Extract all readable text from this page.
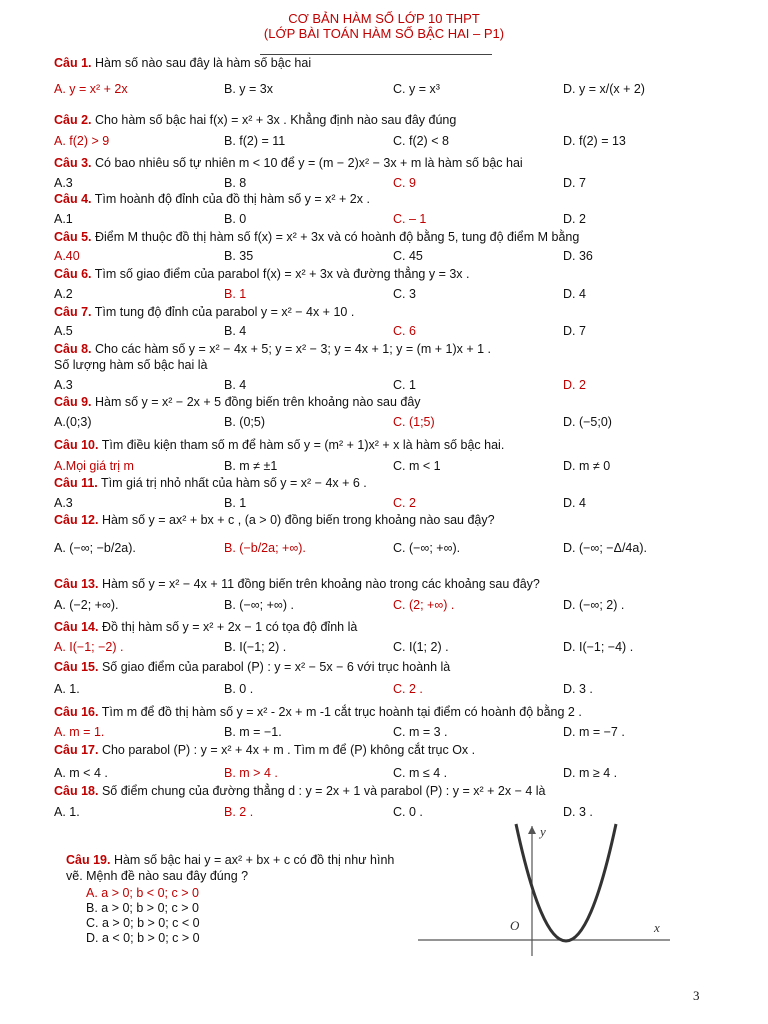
CƠ BẢN HÀM SỐ LỚP 10 THPT
(LỚP BÀI TOÁN HÀM SỐ BẬC HAI – P1)
Câu 1. Hàm số nào sau đây là hàm số bậc hai
A. y = x² + 2x	B. y = 3x	C. y = x³	D. y = x/(x + 2)
Câu 2. Cho hàm số bậc hai f(x) = x² + 3x . Khẳng định nào sau đây đúng
A. f(2) > 9	B. f(2) = 11	C. f(2) < 8	D. f(2) = 13
Câu 3. Có bao nhiêu số tự nhiên m < 10 để y = (m − 2)x² − 3x + m là hàm số bậc hai
A.3	B. 8	C. 9	D. 7
Câu 4. Tìm hoành độ đỉnh của đồ thị hàm số y = x² + 2x .
A.1	B. 0	C. – 1	D. 2
Câu 5. Điểm M thuộc đồ thị hàm số f(x) = x² + 3x và có hoành độ bằng 5, tung độ điểm M bằng
A.40	B. 35	C. 45	D. 36
Câu 6. Tìm số giao điểm của parabol f(x) = x² + 3x và đường thẳng y = 3x .
A.2	B. 1	C. 3	D. 4
Câu 7. Tìm tung độ đỉnh của parabol y = x² − 4x + 10 .
A.5	B. 4	C. 6	D. 7
Câu 8. Cho các hàm số y = x² − 4x + 5; y = x² − 3; y = 4x + 1; y = (m + 1)x + 1 .
Số lượng hàm số bậc hai là
A.3	B. 4	C. 1	D. 2
Câu 9. Hàm số y = x² − 2x + 5 đồng biến trên khoảng nào sau đây
A.(0;3)	B. (0;5)	C. (1;5)	D. (−5;0)
Câu 10. Tìm điều kiện tham số m để hàm số y = (m² + 1)x² + x là hàm số bậc hai.
A.Mọi giá trị m	B. m ≠ ±1	C. m < 1	D. m ≠ 0
Câu 11. Tìm giá trị nhỏ nhất của hàm số y = x² − 4x + 6 .
A.3	B. 1	C. 2	D. 4
Câu 12. Hàm số y = ax² + bx + c , (a > 0) đồng biến trong khoảng nào sau đậy?
A. (−∞; −b/2a).	B. (−b/2a; +∞).	C. (−∞; +∞).	D. (−∞; −Δ/4a).
Câu 13. Hàm số y = x² − 4x + 11 đồng biến trên khoảng nào trong các khoảng sau đây?
A. (−2; +∞).	B. (−∞; +∞) .	C. (2; +∞) .	D. (−∞; 2) .
Câu 14. Đồ thị hàm số y = x² + 2x − 1 có tọa độ đỉnh là
A. I(−1; −2) .	B. I(−1; 2) .	C. I(1; 2) .	D. I(−1; −4) .
Câu 15. Số giao điểm của parabol (P) : y = x² − 5x − 6 với trục hoành là
A. 1.	B. 0 .	C. 2 .	D. 3 .
Câu 16. Tìm m để đồ thị hàm số y = x² - 2x + m -1 cắt trục hoành tại điểm có hoành độ bằng 2 .
A. m = 1.	B. m = −1.	C. m = 3 .	D. m = −7 .
Câu 17. Cho parabol (P) : y = x² + 4x + m . Tìm m để (P) không cắt trục Ox .
A. m < 4 .	B. m > 4 .	C. m ≤ 4 .	D. m ≥ 4 .
Câu 18. Số điểm chung của đường thẳng d : y = 2x + 1 và parabol (P) : y = x² + 2x − 4 là
A. 1.	B. 2 .	C. 0 .	D. 3 .
Câu 19. Hàm số bậc hai y = ax² + bx + c có đồ thị như hình vẽ. Mệnh đề nào sau đây đúng ?
A. a > 0; b < 0; c > 0
B. a > 0; b > 0; c > 0
C. a > 0; b > 0; c < 0
D. a < 0; b > 0; c > 0
y
x
O
3
